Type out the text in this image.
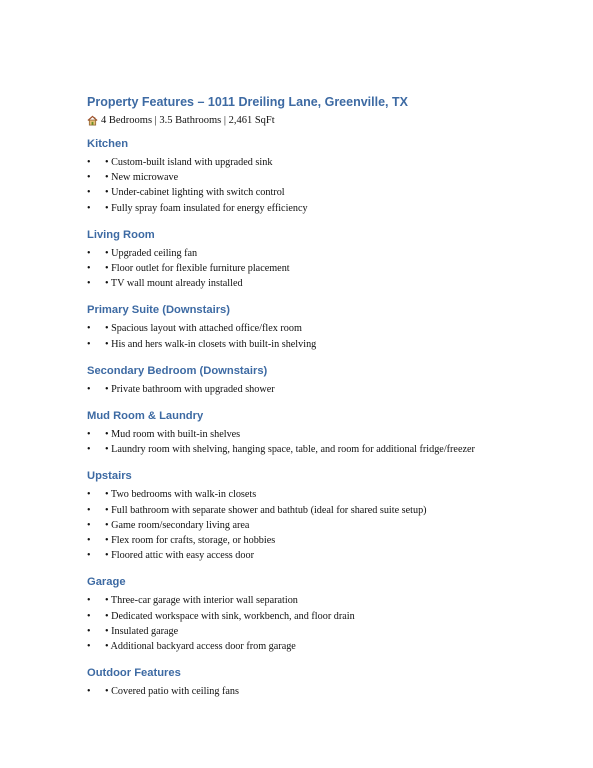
Property Features – 1011 Dreiling Lane, Greenville, TX
4 Bedrooms | 3.5 Bathrooms | 2,461 SqFt
Kitchen
• • Custom-built island with upgraded sink
• • New microwave
• • Under-cabinet lighting with switch control
• • Fully spray foam insulated for energy efficiency
Living Room
• • Upgraded ceiling fan
• • Floor outlet for flexible furniture placement
• • TV wall mount already installed
Primary Suite (Downstairs)
• • Spacious layout with attached office/flex room
• • His and hers walk-in closets with built-in shelving
Secondary Bedroom (Downstairs)
• • Private bathroom with upgraded shower
Mud Room & Laundry
• • Mud room with built-in shelves
• • Laundry room with shelving, hanging space, table, and room for additional fridge/freezer
Upstairs
• • Two bedrooms with walk-in closets
• • Full bathroom with separate shower and bathtub (ideal for shared suite setup)
• • Game room/secondary living area
• • Flex room for crafts, storage, or hobbies
• • Floored attic with easy access door
Garage
• • Three-car garage with interior wall separation
• • Dedicated workspace with sink, workbench, and floor drain
• • Insulated garage
• • Additional backyard access door from garage
Outdoor Features
• • Covered patio with ceiling fans
